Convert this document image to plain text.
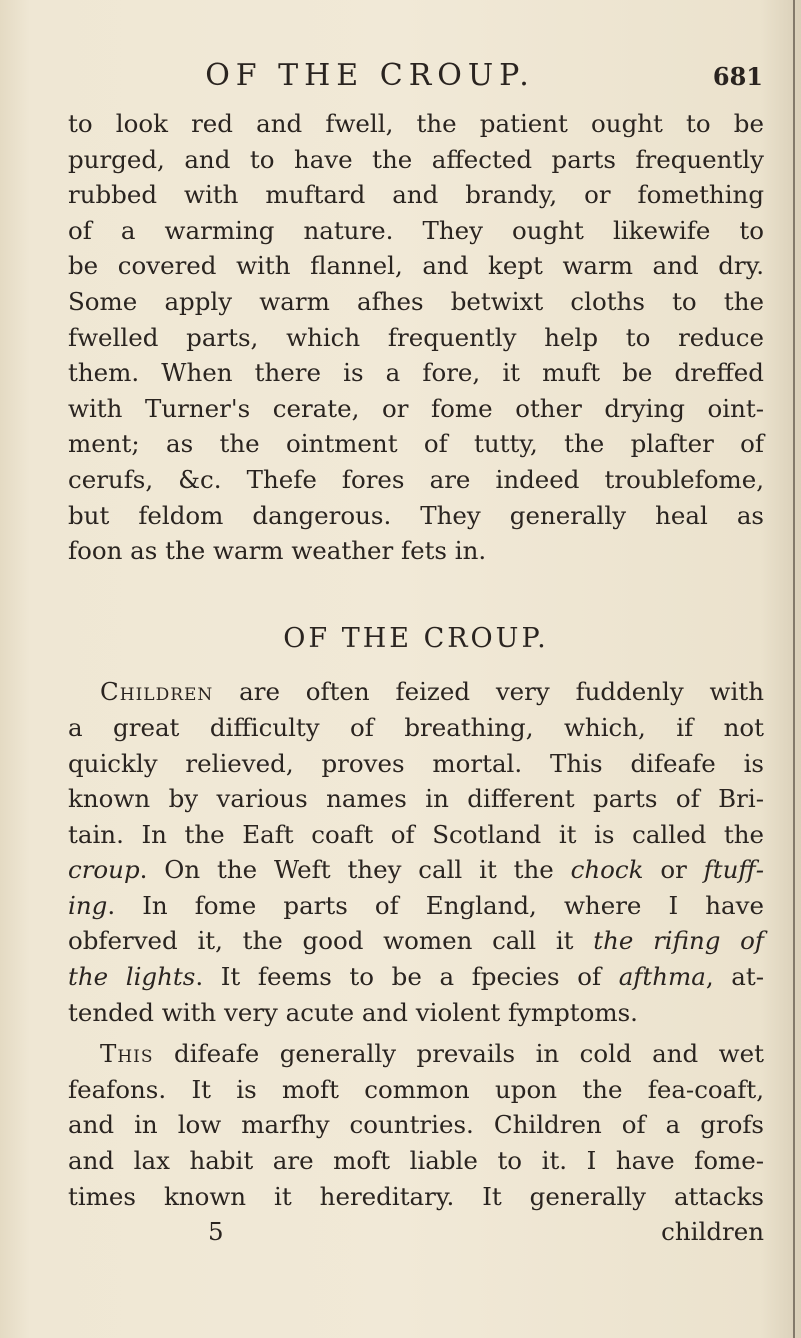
OF THE CROUP.	681
to look red and fwell, the patient ought to be
purged, and to have the affected parts frequently
rubbed with muftard and brandy, or fomething
of a warming nature. They ought likewife to
be covered with flannel, and kept warm and dry.
Some apply warm afhes betwixt cloths to the
fwelled parts, which frequently help to reduce
them. When there is a fore, it muft be dreffed
with Turner's cerate, or fome other drying oint-
ment; as the ointment of tutty, the plafter of
cerufs, &c. Thefe fores are indeed troublefome,
but feldom dangerous. They generally heal as
foon as the warm weather fets in.
OF THE CROUP.
Children are often feized very fuddenly with
a great difficulty of breathing, which, if not
quickly relieved, proves mortal. This difeafe is
known by various names in different parts of Bri-
tain. In the Eaft coaft of Scotland it is called the
croup. On the Weft they call it the chock or ftuff-
ing. In fome parts of England, where I have
obferved it, the good women call it the rifing of
the lights. It feems to be a fpecies of afthma, at-
tended with very acute and violent fymptoms.
This difeafe generally prevails in cold and wet
feafons. It is moft common upon the fea-coaft,
and in low marfhy countries. Children of a grofs
and lax habit are moft liable to it. I have fome-
times known it hereditary. It generally attacks
5	children
